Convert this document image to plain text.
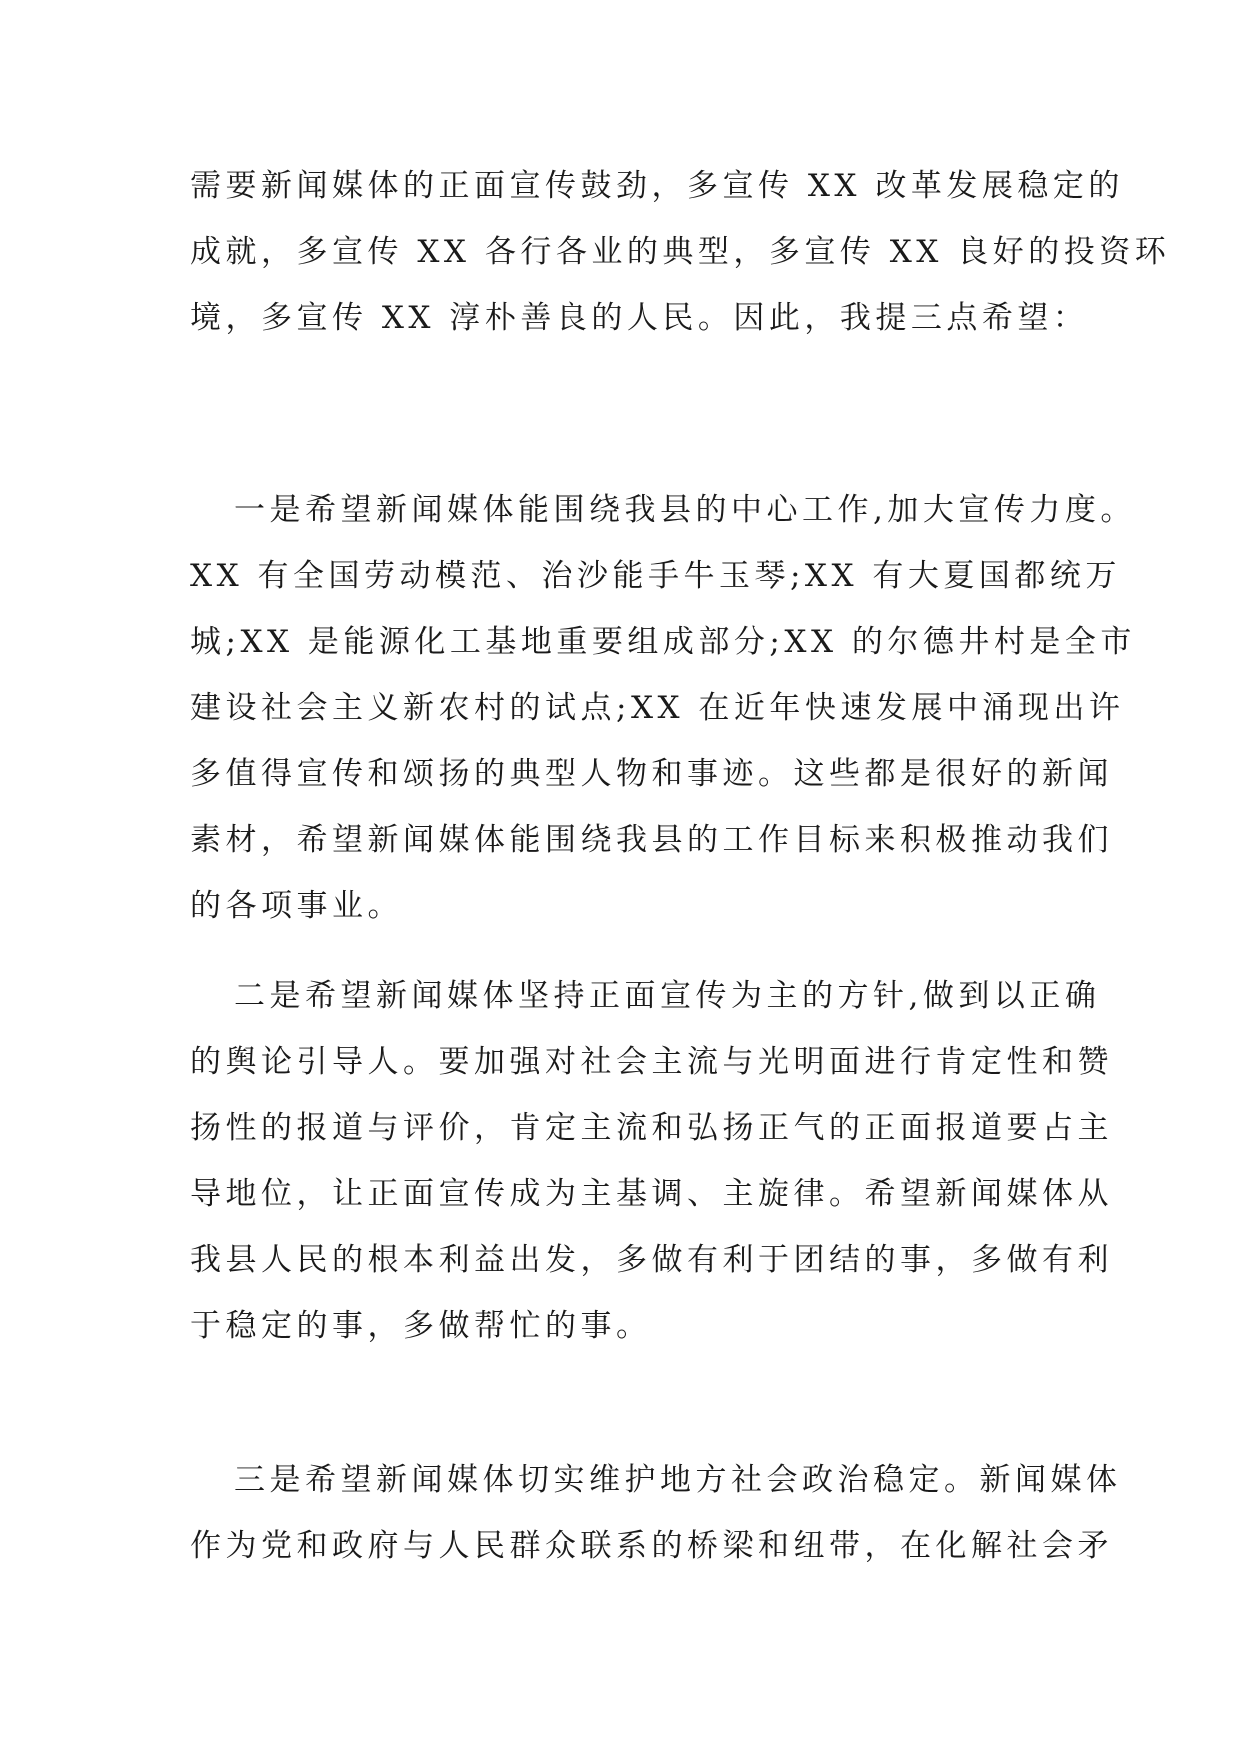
需要新闻媒体的正面宣传鼓劲，多宣传 XX 改革发展稳定的
成就，多宣传 XX 各行各业的典型，多宣传 XX 良好的投资环
境，多宣传 XX 淳朴善良的人民。因此，我提三点希望：
一是希望新闻媒体能围绕我县的中心工作,加大宣传力度。
XX 有全国劳动模范、治沙能手牛玉琴;XX 有大夏国都统万
城;XX 是能源化工基地重要组成部分;XX 的尔德井村是全市
建设社会主义新农村的试点;XX 在近年快速发展中涌现出许
多值得宣传和颂扬的典型人物和事迹。这些都是很好的新闻
素材，希望新闻媒体能围绕我县的工作目标来积极推动我们
的各项事业。
二是希望新闻媒体坚持正面宣传为主的方针,做到以正确
的舆论引导人。要加强对社会主流与光明面进行肯定性和赞
扬性的报道与评价，肯定主流和弘扬正气的正面报道要占主
导地位，让正面宣传成为主基调、主旋律。希望新闻媒体从
我县人民的根本利益出发，多做有利于团结的事，多做有利
于稳定的事，多做帮忙的事。
三是希望新闻媒体切实维护地方社会政治稳定。新闻媒体
作为党和政府与人民群众联系的桥梁和纽带，在化解社会矛
